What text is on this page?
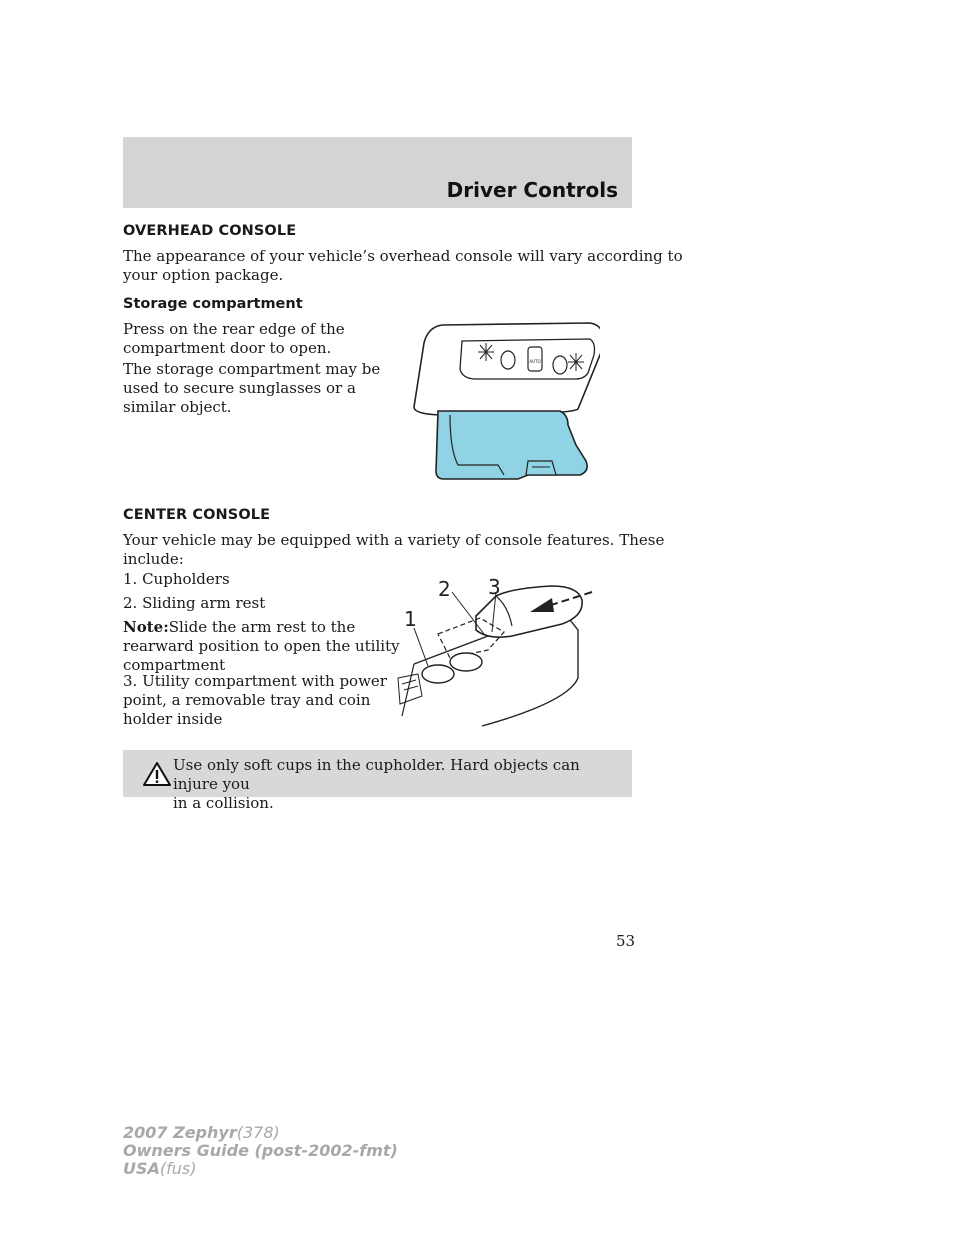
Driver Controls
OVERHEAD CONSOLE
The appearance of your vehicle’s overhead console will vary according to
your option package.
Storage compartment
Press on the rear edge of the
compartment door to open.
The storage compartment may be
used to secure sunglasses or a
similar object.
AUTO
CENTER CONSOLE
Your vehicle may be equipped with a variety of console features. These
include:
1. Cupholders
2. Sliding arm rest
Note:Slide the arm rest to the
rearward position to open the utility
compartment
3. Utility compartment with power
point, a removable tray and coin
holder inside
1
2 3
Use only soft cups in the cupholder. Hard objects can injure you
in a collision.
53
2007 Zephyr(378)
Owners Guide (post-2002-fmt)
USA(fus)
